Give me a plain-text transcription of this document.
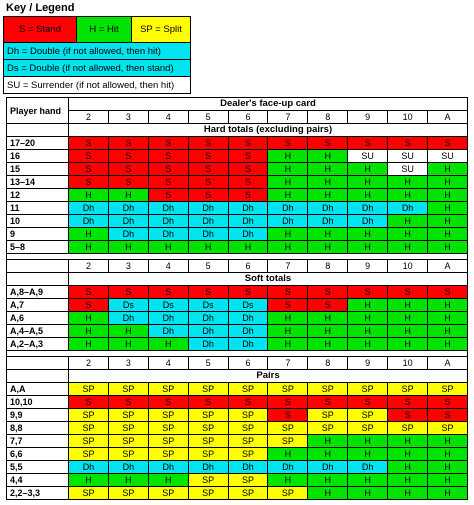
Key / Legend
S = Stand	H = Hit	SP = Split
Dh = Double (if not allowed, then hit)
Ds = Double (if not allowed, then stand)
SU = Surrender (if not allowed, then hit)
Player hand	Dealer's face-up card									
	2	3	4	5	6	7	8	9	10	A
	Hard totals (excluding pairs)									
17–20	S	S	S	S	S	S	S	S	S	S
16	S	S	S	S	S	H	H	SU	SU	SU
15	S	S	S	S	S	H	H	H	SU	H
13–14	S	S	S	S	S	H	H	H	H	H
12	H	H	S	S	S	H	H	H	H	H
11	Dh	Dh	Dh	Dh	Dh	Dh	Dh	Dh	Dh	H
10	Dh	Dh	Dh	Dh	Dh	Dh	Dh	Dh	H	H
9	H	Dh	Dh	Dh	Dh	H	H	H	H	H
5–8	H	H	H	H	H	H	H	H	H	H

	2	3	4	5	6	7	8	9	10	A
	Soft totals									
A,8–A,9	S	S	S	S	S	S	S	S	S	S
A,7	S	Ds	Ds	Ds	Ds	S	S	H	H	H
A,6	H	Dh	Dh	Dh	Dh	H	H	H	H	H
A,4–A,5	H	H	Dh	Dh	Dh	H	H	H	H	H
A,2–A,3	H	H	H	Dh	Dh	H	H	H	H	H

	2	3	4	5	6	7	8	9	10	A
	Pairs									
A,A	SP	SP	SP	SP	SP	SP	SP	SP	SP	SP
10,10	S	S	S	S	S	S	S	S	S	S
9,9	SP	SP	SP	SP	SP	S	SP	SP	S	S
8,8	SP	SP	SP	SP	SP	SP	SP	SP	SP	SP
7,7	SP	SP	SP	SP	SP	SP	H	H	H	H
6,6	SP	SP	SP	SP	SP	H	H	H	H	H
5,5	Dh	Dh	Dh	Dh	Dh	Dh	Dh	Dh	H	H
4,4	H	H	H	SP	SP	H	H	H	H	H
2,2–3,3	SP	SP	SP	SP	SP	SP	H	H	H	H
